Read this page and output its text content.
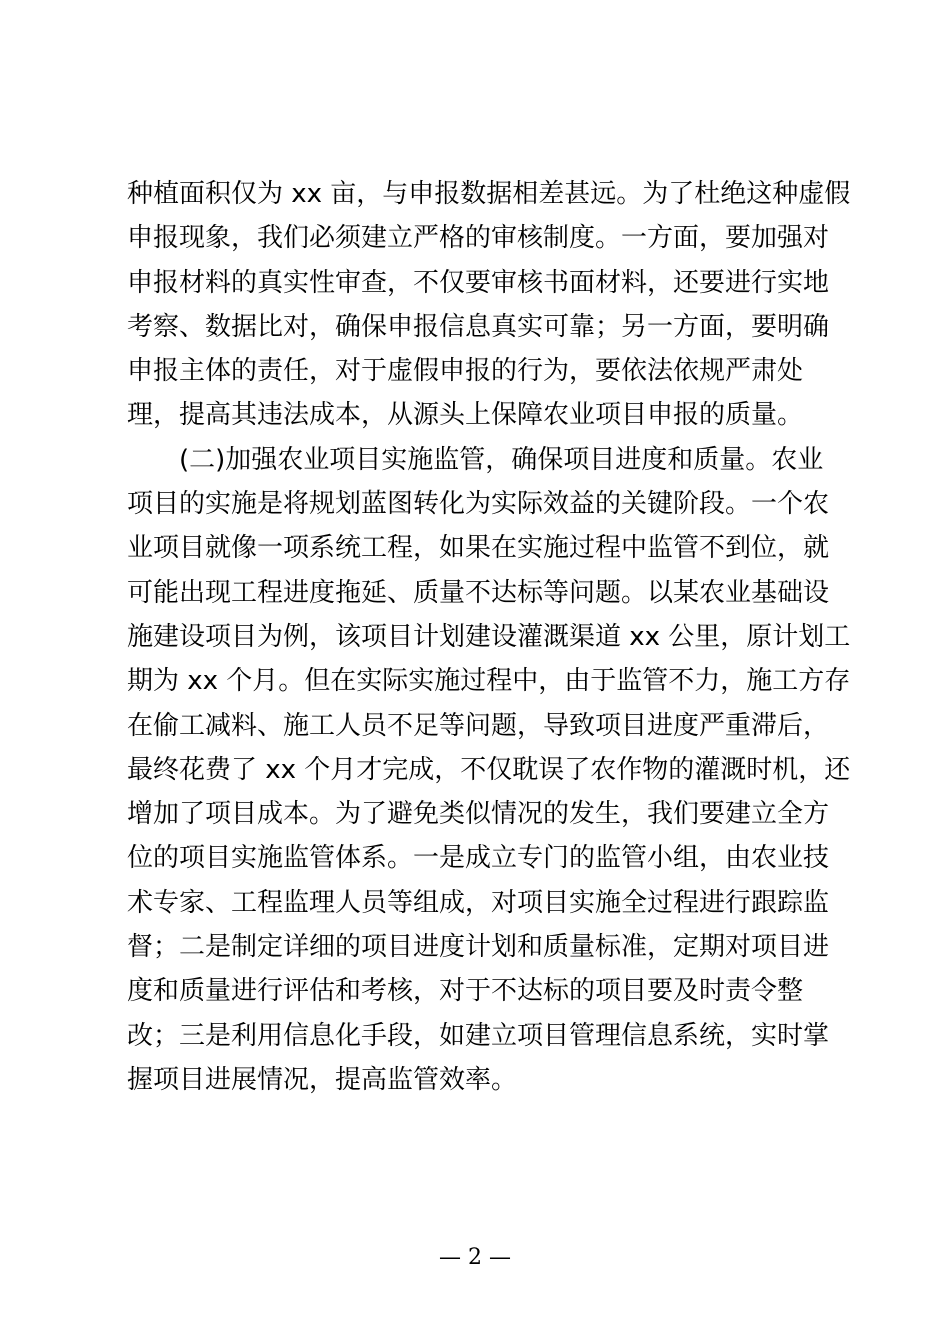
种植面积仅为 xx 亩，与申报数据相差甚远。为了杜绝这种虚假
申报现象，我们必须建立严格的审核制度。一方面，要加强对
申报材料的真实性审查，不仅要审核书面材料，还要进行实地
考察、数据比对，确保申报信息真实可靠；另一方面，要明确
申报主体的责任，对于虚假申报的行为，要依法依规严肃处
理，提高其违法成本，从源头上保障农业项目申报的质量。
(二)加强农业项目实施监管，确保项目进度和质量。农业
项目的实施是将规划蓝图转化为实际效益的关键阶段。一个农
业项目就像一项系统工程，如果在实施过程中监管不到位，就
可能出现工程进度拖延、质量不达标等问题。以某农业基础设
施建设项目为例，该项目计划建设灌溉渠道 xx 公里，原计划工
期为 xx 个月。但在实际实施过程中，由于监管不力，施工方存
在偷工减料、施工人员不足等问题，导致项目进度严重滞后，
最终花费了 xx 个月才完成，不仅耽误了农作物的灌溉时机，还
增加了项目成本。为了避免类似情况的发生，我们要建立全方
位的项目实施监管体系。一是成立专门的监管小组，由农业技
术专家、工程监理人员等组成，对项目实施全过程进行跟踪监
督；二是制定详细的项目进度计划和质量标准，定期对项目进
度和质量进行评估和考核，对于不达标的项目要及时责令整
改；三是利用信息化手段，如建立项目管理信息系统，实时掌
握项目进展情况，提高监管效率。
— 2 —
